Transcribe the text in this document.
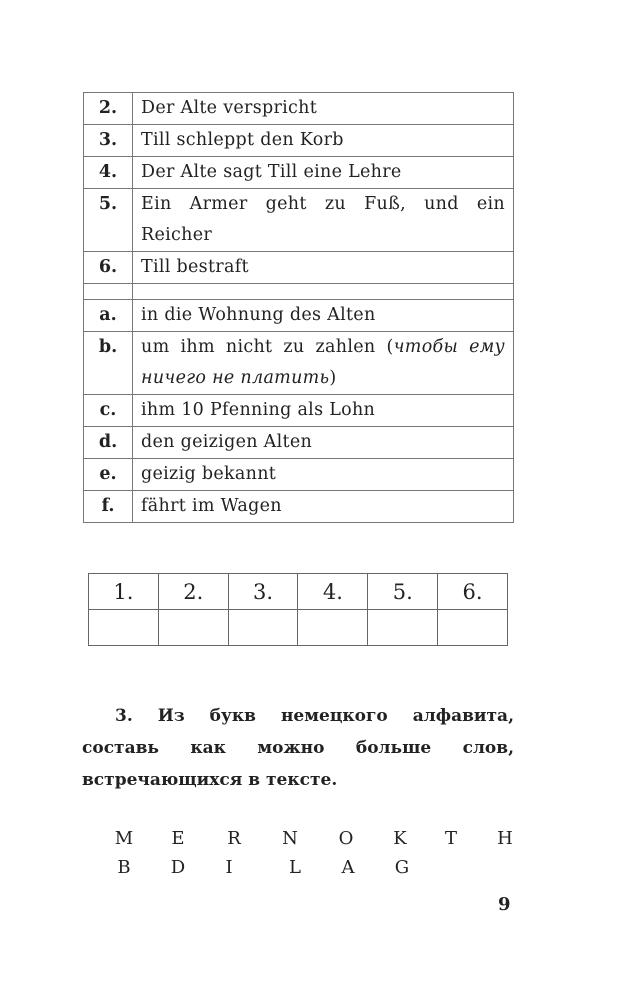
2.	Der Alte verspricht
3.	Till schleppt den Korb
4.	Der Alte sagt Till eine Lehre
5.	Ein Armer geht zu Fuß, und ein Reicher
6.	Till bestraft

a.	in die Wohnung des Alten
b.	um ihm nicht zu zahlen (чтобы ему ничего не платить)
c.	ihm 10 Pfenning als Lohn
d.	den geizigen Alten
e.	geizig bekannt
f.	fährt im Wagen
1.	2.	3.	4.	5.	6.

3. Из букв немецкого алфавита, составь как можно больше слов, встречающихся в тексте.

M E R N O K T H
B D I	L A G
9
